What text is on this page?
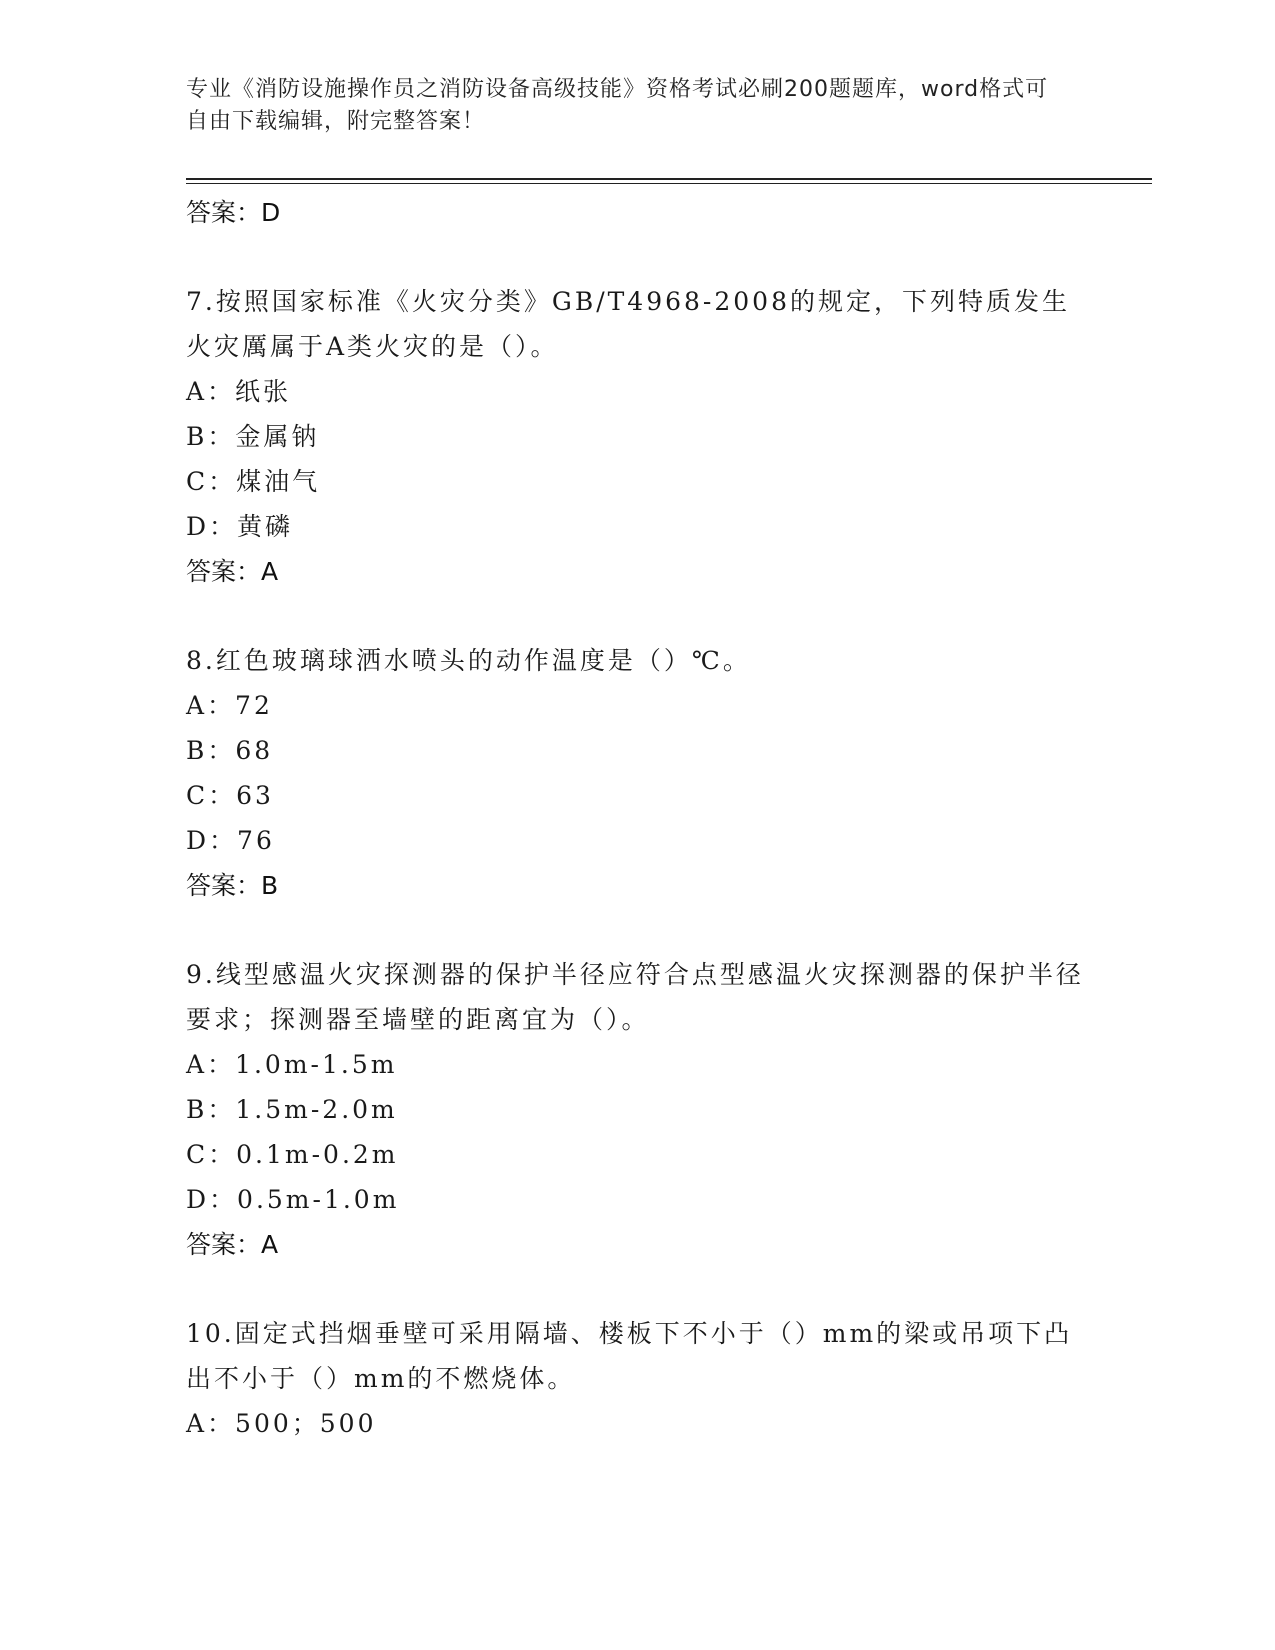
专业《消防设施操作员之消防设备高级技能》资格考试必刷200题题库，word格式可自由下载编辑，附完整答案！
答案：D
7.按照国家标准《火灾分类》GB/T4968-2008的规定，下列特质发生火灾厲属于A类火灾的是（）。
A：纸张
B：金属钠
C：煤油气
D：黄磷
答案：A
8.红色玻璃球洒水喷头的动作温度是（）℃。
A：72
B：68
C：63
D：76
答案：B
9.线型感温火灾探测器的保护半径应符合点型感温火灾探测器的保护半径要求；探测器至墙壁的距离宜为（）。
A：1.0m-1.5m
B：1.5m-2.0m
C：0.1m-0.2m
D：0.5m-1.0m
答案：A
10.固定式挡烟垂壁可采用隔墙、楼板下不小于（）mm的梁或吊项下凸出不小于（）mm的不燃烧体。
A：500；500
